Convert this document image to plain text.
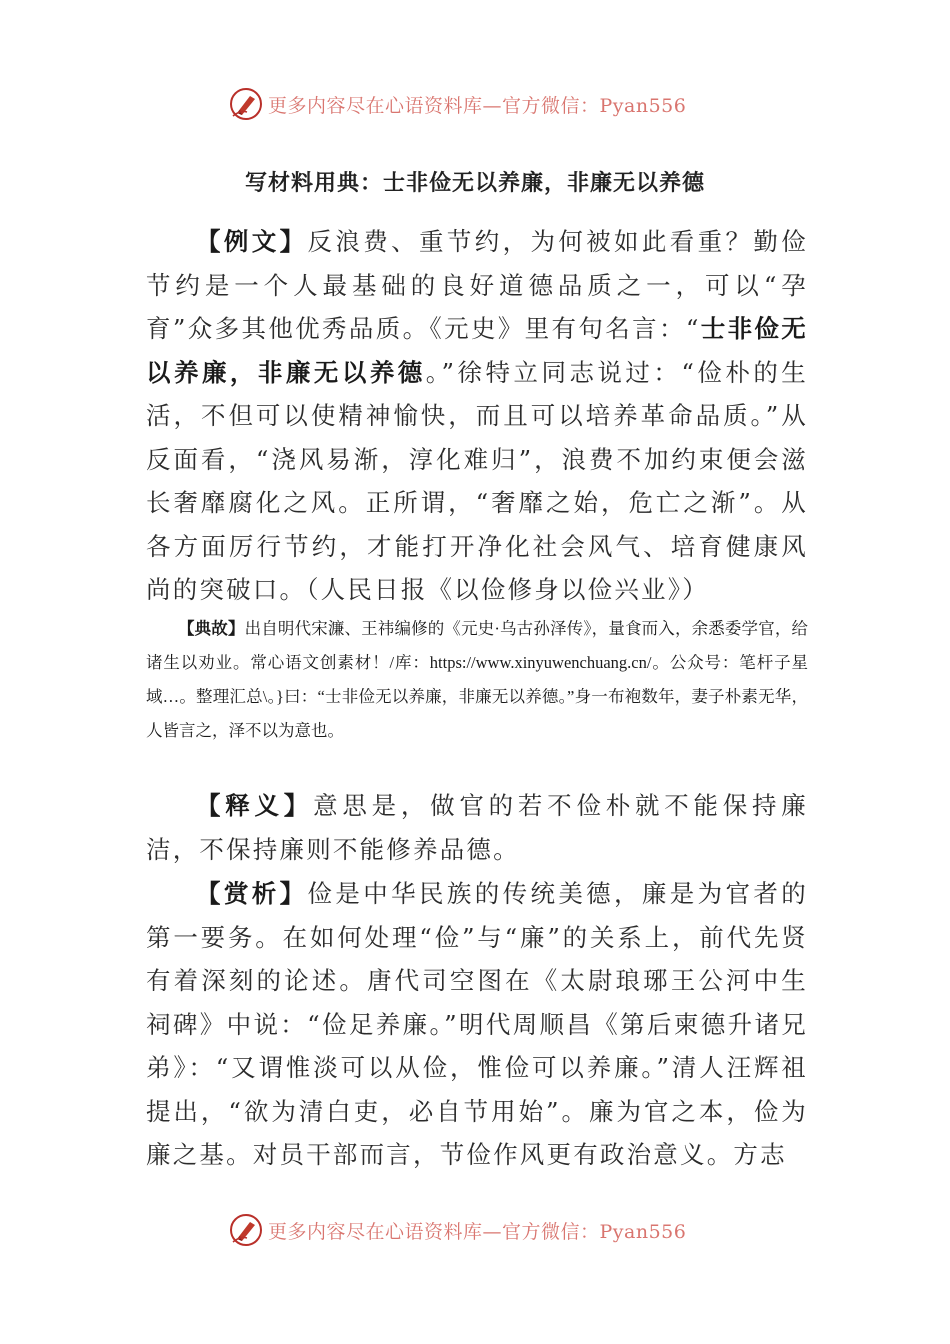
更多内容尽在心语资料库—官方微信：Pyan556
写材料用典：士非俭无以养廉，非廉无以养德

【例文】反浪费、重节约，为何被如此看重？勤俭节约是一个人最基础的良好道德品质之一，可以“孕育”众多其他优秀品质。《元史》里有句名言：“士非俭无以养廉，非廉无以养德。”徐特立同志说过：“俭朴的生活，不但可以使精神愉快，而且可以培养革命品质。”从反面看，“浇风易渐，淳化难归”，浪费不加约束便会滋长奢靡腐化之风。正所谓，“奢靡之始，危亡之渐”。从各方面厉行节约，才能打开净化社会风气、培育健康风尚的突破口。（人民日报《以俭修身以俭兴业》）

【典故】出自明代宋濂、王祎编修的《元史·乌古孙泽传》，量食而入，余悉委学官，给诸生以劝业。常心语文创素材！/库：https://www.xinyuwenchuang.cn/。公众号：笔杆子星域…。整理汇总\。}曰：“士非俭无以养廉，非廉无以养德。”身一布袍数年，妻子朴素无华，人皆言之，泽不以为意也。

【释义】意思是，做官的若不俭朴就不能保持廉洁，不保持廉则不能修养品德。

【赏析】俭是中华民族的传统美德，廉是为官者的第一要务。在如何处理“俭”与“廉”的关系上，前代先贤有着深刻的论述。唐代司空图在《太尉琅琊王公河中生祠碑》中说：“俭足养廉。”明代周顺昌《第后柬德升诸兄弟》：“又谓惟淡可以从俭，惟俭可以养廉。”清人汪辉祖提出，“欲为清白吏，必自节用始”。廉为官之本，俭为廉之基。对员干部而言，节俭作风更有政治意义。方志

更多内容尽在心语资料库—官方微信：Pyan556
